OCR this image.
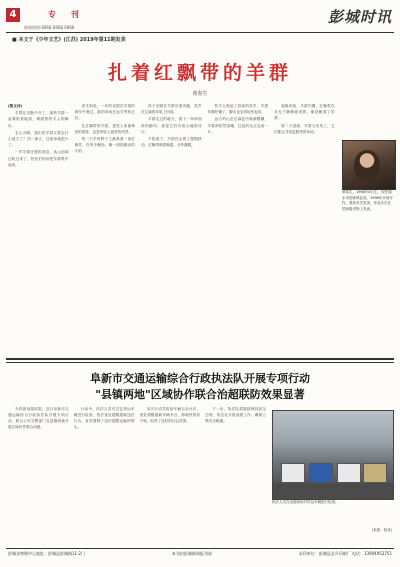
4	专 刊
新闻热线:6668 6668 6966
彭城时讯
■ 本文于《少年文艺》(江苏) 2019年第11期发表
扎着红飘带的羊群
黄春生

(散文诗)

羊群在沉默中开了，那些羊群一直紧贴着地面，紧跟着牧羊人的脚步。

怎么办啊，我们的羊群又要去什么地方了？初一那天，这里草地很少了。

一声羊群迁徙的消息，从山前那边吹过来了，牧民们纷纷把羊群集中起来。

老羊倌说，一年的光阴在羊群的脚步中流过，新的草场在远方等待它们。

扎红飘带的羊群，是牧人家最珍贵的财富，也是草原上最美的风景。

每一只羊的脖子上都系着一条红飘带，在风中飘扬，像一团团跳动的火焰。

孩子们跟在羊群后面奔跑，笑声在辽阔的草原上回荡。

羊群走过的地方，留下一串串细碎的蹄印，那是它们写给大地的诗行。

夕阳西下，羊群在山坡上慢慢移动，红飘带映着晚霞，分外耀眼。

牧羊人吹起了悠扬的笛声，羊群仿佛听懂了，脚步也变得轻快起来。

远方的山峦在暮色中渐渐模糊，羊群却依然清晰，红色的光点连成一片。

夜晚来临，羊群归圈，红飘带在月光下静静地垂着，像是睡着了的梦。

第二天清晨，羊群又出发了，它们要去寻找更肥美的草场。

黄春生，1966年8月生，现任丽水市国家林业局，1998年开始写作，曾获多次奖项，作品多次在国家级刊物上发表。
阜新市交通运输综合行政执法队开展专项行动
"县镇两地"区域协作联合治超联防效果显著

为巩固治超成果，近日阜新市交通运输综合行政执法队开展专项行动，联合公安交警部门在县镇两地开展区域协作联合治超。

行动中，执法人员对过往货运车辆进行检查，依法查处超限超载违法行为，有效遏制了违法超限运输的势头。

本次行动共检查车辆百余台次，查处超限超载车辆多台，卸载货物若干吨，取得了良好的社会效果。

下一步，执法队将继续保持高压态势，常态化开展治超工作，确保公路安全畅通。

执法人员在治超现场对货运车辆进行检查。
(来源：张成)
彭城各物理中心地址：彭城县彭城路11-2门	本刊由彭城新闻报刊部	承印单位：彭城县必升印刷厂 电话：13904952751
